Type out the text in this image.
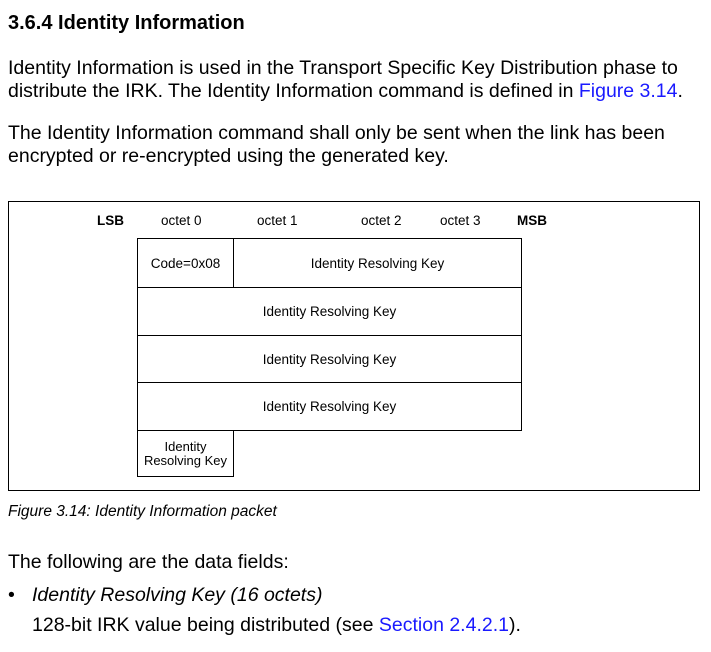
3.6.4 Identity Information

Identity Information is used in the Transport Specific Key Distribution phase to distribute the IRK. The Identity Information command is defined in Figure 3.14.

The Identity Information command shall only be sent when the link has been encrypted or re-encrypted using the generated key.

LSB	octet 0	octet 1	octet 2	octet 3	MSB
Code=0x08	Identity Resolving Key
Identity Resolving Key
Identity Resolving Key
Identity Resolving Key
Identity Resolving Key
Figure 3.14: Identity Information packet

The following are the data fields:

• Identity Resolving Key (16 octets)
128-bit IRK value being distributed (see Section 2.4.2.1).
